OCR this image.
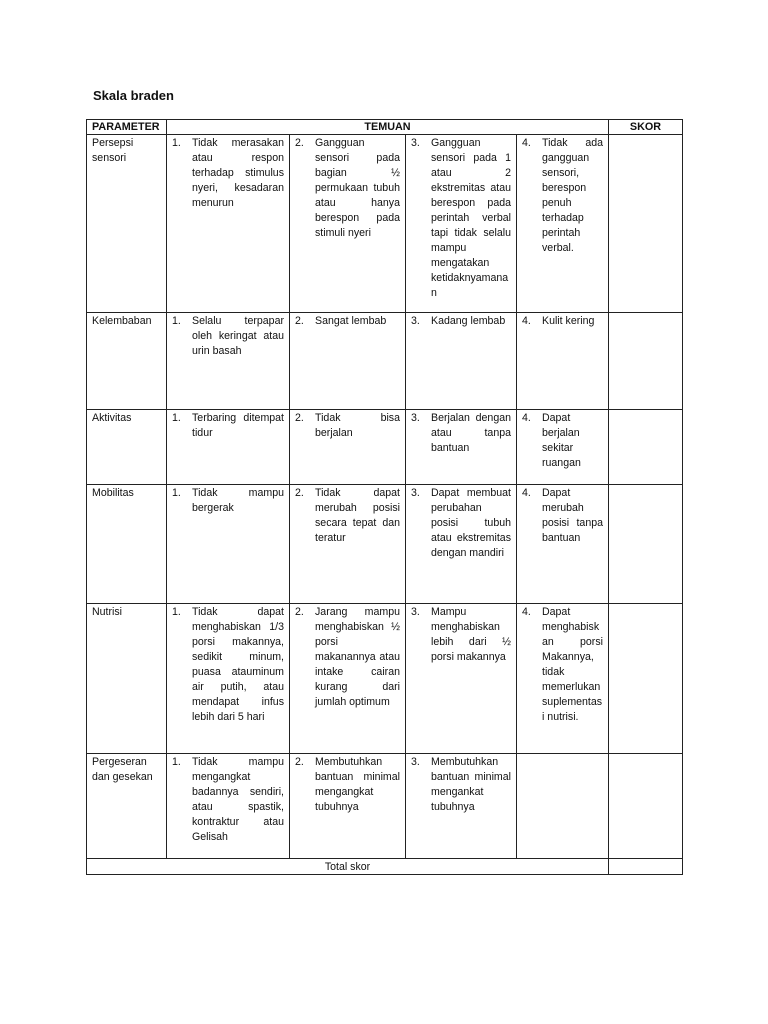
Skala braden
PARAMETER	TEMUAN				SKOR
Persepsi sensori	1. Tidak merasakan atau respon terhadap stimulus nyeri, kesadaran menurun	2. Gangguan sensori pada bagian ½ permukaan tubuh atau hanya berespon pada stimuli nyeri	3. Gangguan sensori pada 1 atau 2 ekstremitas atau berespon pada perintah verbal tapi tidak selalu mampu mengatakan ketidaknyamanan	4. Tidak ada gangguan sensori, berespon penuh terhadap perintah verbal.	

Kelembaban	1. Selalu terpapar oleh keringat atau urin basah	2. Sangat lembab	3. Kadang lembab	4. Kulit kering	

Aktivitas	1. Terbaring ditempat tidur	2. Tidak bisa berjalan	3. Berjalan dengan atau tanpa bantuan	4. Dapat berjalan sekitar ruangan	

Mobilitas	1. Tidak mampu bergerak	2. Tidak dapat merubah posisi secara tepat dan teratur	3. Dapat membuat perubahan posisi tubuh atau ekstremitas dengan mandiri	4. Dapat merubah posisi tanpa bantuan	

Nutrisi	1. Tidak dapat menghabiskan 1/3 porsi makannya, sedikit minum, puasa atauminum air putih, atau mendapat infus lebih dari 5 hari	2. Jarang mampu menghabiskan ½ porsi makanannya atau intake cairan kurang dari jumlah optimum	3. Mampu menghabiskan lebih dari ½ porsi makannya	4. Dapat menghabiskan porsi Makannya, tidak memerlukan suplementasi nutrisi.	

Pergeseran dan gesekan	1. Tidak mampu mengangkat badannya sendiri, atau spastik, kontraktur atau Gelisah	2. Membutuhkan bantuan minimal mengangkat tubuhnya	3. Membutuhkan bantuan minimal mengankat tubuhnya		

Total skor					
